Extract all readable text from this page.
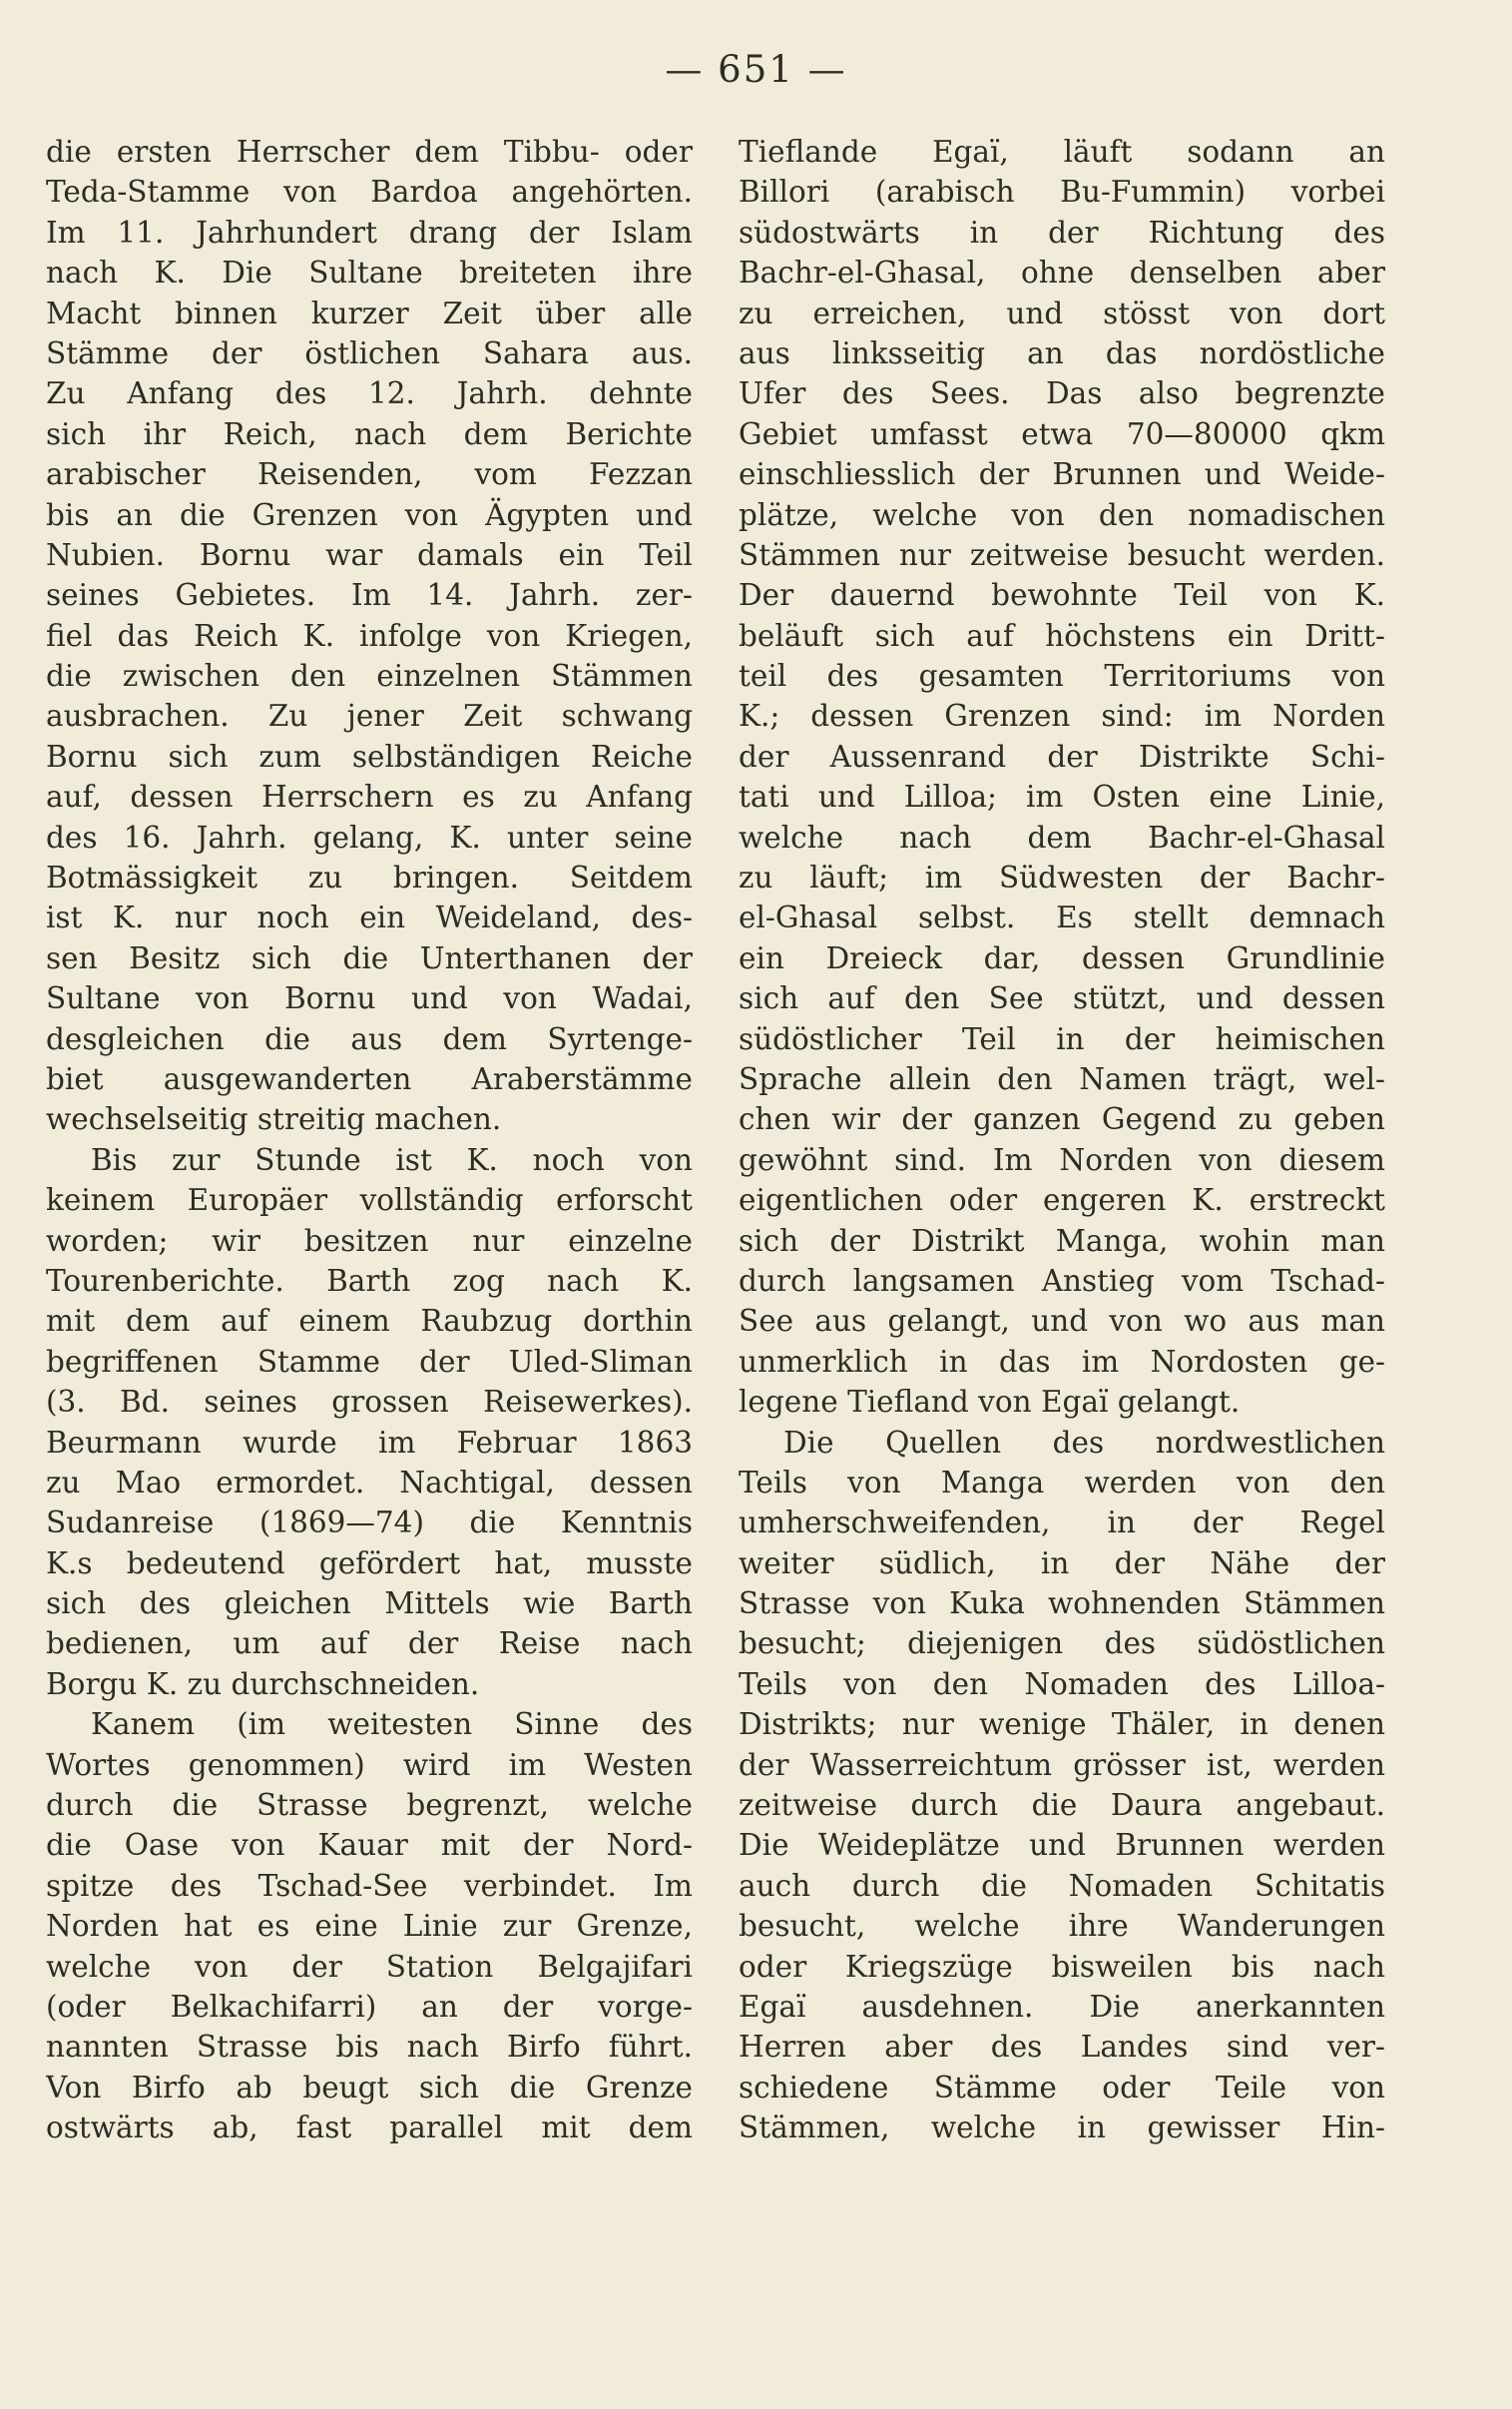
— 651 —
die ersten Herrscher dem Tibbu- oder
Teda-Stamme von Bardoa angehörten.
Im 11. Jahrhundert drang der Islam
nach K. Die Sultane breiteten ihre
Macht binnen kurzer Zeit über alle
Stämme der östlichen Sahara aus.
Zu Anfang des 12. Jahrh. dehnte
sich ihr Reich, nach dem Berichte
arabischer Reisenden, vom Fezzan
bis an die Grenzen von Ägypten und
Nubien. Bornu war damals ein Teil
seines Gebietes. Im 14. Jahrh. zer-
fiel das Reich K. infolge von Kriegen,
die zwischen den einzelnen Stämmen
ausbrachen. Zu jener Zeit schwang
Bornu sich zum selbständigen Reiche
auf, dessen Herrschern es zu Anfang
des 16. Jahrh. gelang, K. unter seine
Botmässigkeit zu bringen. Seitdem
ist K. nur noch ein Weideland, des-
sen Besitz sich die Unterthanen der
Sultane von Bornu und von Wadai,
desgleichen die aus dem Syrtenge-
biet ausgewanderten Araberstämme
wechselseitig streitig machen.
Bis zur Stunde ist K. noch von
keinem Europäer vollständig erforscht
worden; wir besitzen nur einzelne
Tourenberichte. Barth zog nach K.
mit dem auf einem Raubzug dorthin
begriffenen Stamme der Uled-Sliman
(3. Bd. seines grossen Reisewerkes).
Beurmann wurde im Februar 1863
zu Mao ermordet. Nachtigal, dessen
Sudanreise (1869—74) die Kenntnis
K.s bedeutend gefördert hat, musste
sich des gleichen Mittels wie Barth
bedienen, um auf der Reise nach
Borgu K. zu durchschneiden.
Kanem (im weitesten Sinne des
Wortes genommen) wird im Westen
durch die Strasse begrenzt, welche
die Oase von Kauar mit der Nord-
spitze des Tschad-See verbindet. Im
Norden hat es eine Linie zur Grenze,
welche von der Station Belgajifari
(oder Belkachifarri) an der vorge-
nannten Strasse bis nach Birfo führt.
Von Birfo ab beugt sich die Grenze
ostwärts ab, fast parallel mit dem
Tieflande Egaï, läuft sodann an
Billori (arabisch Bu-Fummin) vorbei
südostwärts in der Richtung des
Bachr-el-Ghasal, ohne denselben aber
zu erreichen, und stösst von dort
aus linksseitig an das nordöstliche
Ufer des Sees. Das also begrenzte
Gebiet umfasst etwa 70—80000 qkm
einschliesslich der Brunnen und Weide-
plätze, welche von den nomadischen
Stämmen nur zeitweise besucht werden.
Der dauernd bewohnte Teil von K.
beläuft sich auf höchstens ein Dritt-
teil des gesamten Territoriums von
K.; dessen Grenzen sind: im Norden
der Aussenrand der Distrikte Schi-
tati und Lilloa; im Osten eine Linie,
welche nach dem Bachr-el-Ghasal
zu läuft; im Südwesten der Bachr-
el-Ghasal selbst. Es stellt demnach
ein Dreieck dar, dessen Grundlinie
sich auf den See stützt, und dessen
südöstlicher Teil in der heimischen
Sprache allein den Namen trägt, wel-
chen wir der ganzen Gegend zu geben
gewöhnt sind. Im Norden von diesem
eigentlichen oder engeren K. erstreckt
sich der Distrikt Manga, wohin man
durch langsamen Anstieg vom Tschad-
See aus gelangt, und von wo aus man
unmerklich in das im Nordosten ge-
legene Tiefland von Egaï gelangt.
Die Quellen des nordwestlichen
Teils von Manga werden von den
umherschweifenden, in der Regel
weiter südlich, in der Nähe der
Strasse von Kuka wohnenden Stämmen
besucht; diejenigen des südöstlichen
Teils von den Nomaden des Lilloa-
Distrikts; nur wenige Thäler, in denen
der Wasserreichtum grösser ist, werden
zeitweise durch die Daura angebaut.
Die Weideplätze und Brunnen werden
auch durch die Nomaden Schitatis
besucht, welche ihre Wanderungen
oder Kriegszüge bisweilen bis nach
Egaï ausdehnen. Die anerkannten
Herren aber des Landes sind ver-
schiedene Stämme oder Teile von
Stämmen, welche in gewisser Hin-
